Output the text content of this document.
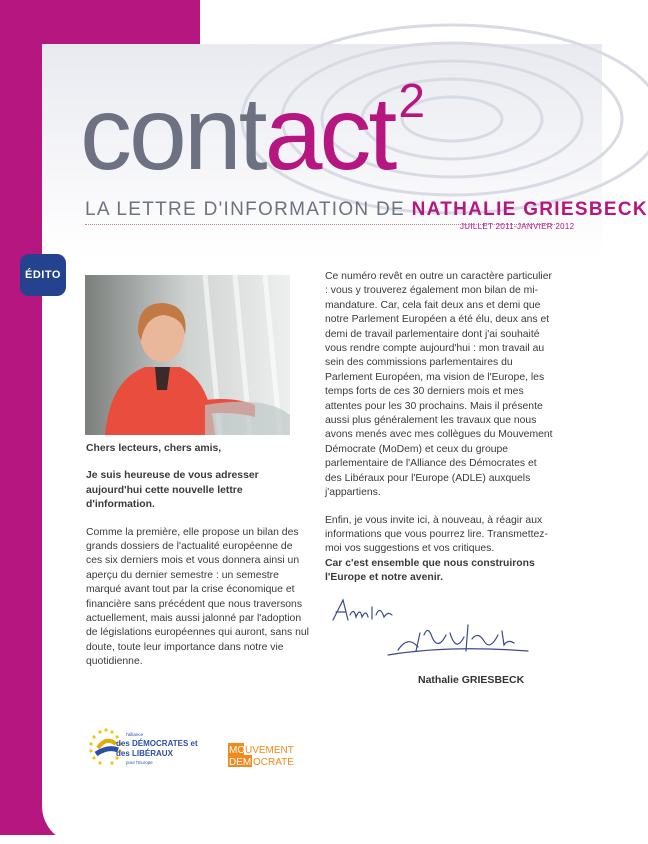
contact$^2$
LA LETTRE D'INFORMATION DE NATHALIE GRIESBECK
JUILLET 2011-JANVIER 2012
ÉDITO

Chers lecteurs, chers amis,

Je suis heureuse de vous adresser aujourd'hui cette nouvelle lettre d'information.

Comme la première, elle propose un bilan des grands dossiers de l'actualité européenne de ces six derniers mois et vous donnera ainsi un aperçu du dernier semestre : un semestre marqué avant tout par la crise économique et financière sans précédent que nous traversons actuellement, mais aussi jalonné par l'adoption de législations européennes qui auront, sans nul doute, toute leur importance dans notre vie quotidienne.

Ce numéro revêt en outre un caractère particulier : vous y trouverez également mon bilan de mi-mandature. Car, cela fait deux ans et demi que notre Parlement Européen a été élu, deux ans et demi de travail parlementaire dont j'ai souhaité vous rendre compte aujourd'hui : mon travail au sein des commissions parlementaires du Parlement Européen, ma vision de l'Europe, les temps forts de ces 30 derniers mois et mes attentes pour les 30 prochains. Mais il présente aussi plus généralement les travaux que nous avons menés avec mes collègues du Mouvement Démocrate (MoDem) et ceux du groupe parlementaire de l'Alliance des Démocrates et des Libéraux pour l'Europe (ADLE) auxquels j'appartiens.

Enfin, je vous invite ici, à nouveau, à réagir aux informations que vous pourrez lire. Transmettez-moi vos suggestions et vos critiques.

Car c'est ensemble que nous construirons l'Europe et notre avenir.

Nathalie GRIESBECK
l'alliance
des DÉMOCRATES et
des LIBÉRAUX
pour l'Europe
MO UVEMENT
DEM OCRATE
